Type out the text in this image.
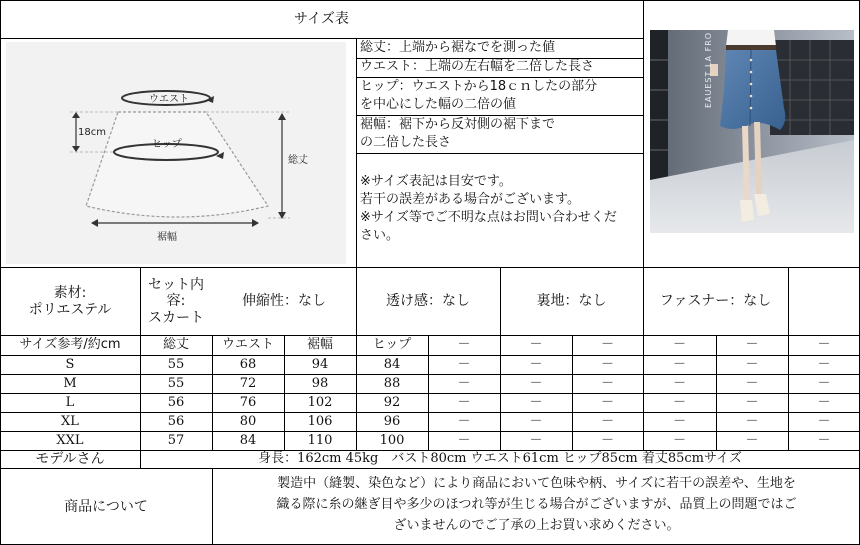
サイズ表
ウエスト
ヒップ
18cm
総丈
裾幅
総丈：上端から裾なでを測った値
ウエスト：上端の左右幅を二倍した長さ
ヒップ：ウエストから18ｃｎしたの部分
を中心にした幅の二倍の値
裾幅：裾下から反対側の裾下まで
の二倍した長さ
※サイズ表記は目安です。
若干の誤差がある場合がございます。
※サイズ等でご不明な点はお問い合わせくだ
さい。
EAUEST LA FRO
素材:
ポリエステル
セット内
容:
スカート
伸縮性：なし	透け感：なし	裏地：なし	ファスナー：なし
サイズ参考/約cm	総丈	ウエスト	裾幅	ヒップ	－	－	－	－	－	－
S	55	68	94	84	－	－	－	－	－	－
M	55	72	98	88	－	－	－	－	－	－
L	56	76	102	92	－	－	－	－	－	－
XL	56	80	106	96	－	－	－	－	－	－
XXL	57	84	110	100	－	－	－	－	－	－
モデルさん	身長：162cm 45kg　バスト80cm ウエスト61cm ヒップ85cm 着丈85cmサイズ
商品について
製造中（縫製、染色など）により商品において色味や柄、サイズに若干の誤差や、生地を
織る際に糸の継ぎ目や多少のほつれ等が生じる場合がございますが、品質上の問題ではご
ざいませんのでご了承の上お買い求めください。
